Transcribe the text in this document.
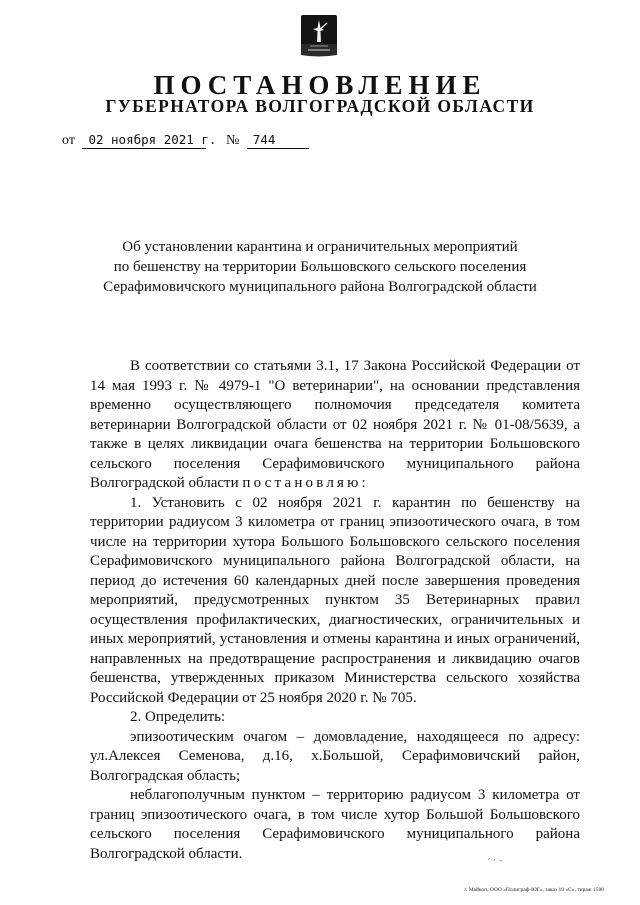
ПОСТАНОВЛЕНИЕ
ГУБЕРНАТОРА ВОЛГОГРАДСКОЙ ОБЛАСТИ
от 02 ноября 2021 г. № 744
Об установлении карантина и ограничительных мероприятий
по бешенству на территории Большовского сельского поселения
Серафимовичского муниципального района Волгоградской области

В соответствии со статьями 3.1, 17 Закона Российской Федерации от 14 мая 1993 г. № 4979-1 "О ветеринарии", на основании представления временно осуществляющего полномочия председателя комитета ветеринарии Волгоградской области от 02 ноября 2021 г. № 01-08/5639, а также в целях ликвидации очага бешенства на территории Большовского сельского поселения Серафимовичского муниципального района Волгоградской области постановляю:

1. Установить с 02 ноября 2021 г. карантин по бешенству на территории радиусом 3 километра от границ эпизоотического очага, в том числе на территории хутора Большого Большовского сельского поселения Серафимовичского муниципального района Волгоградской области, на период до истечения 60 календарных дней после завершения проведения мероприятий, предусмотренных пунктом 35 Ветеринарных правил осуществления профилактических, диагностических, ограничительных и иных мероприятий, установления и отмены карантина и иных ограничений, направленных на предотвращение распространения и ликвидацию очагов бешенства, утвержденных приказом Министерства сельского хозяйства Российской Федерации от 25 ноября 2020 г. № 705.

2. Определить:

эпизоотическим очагом – домовладение, находящееся по адресу: ул.Алексея Семенова, д.16, х.Большой, Серафимовичский район, Волгоградская область;

неблагополучным пунктом – территорию радиусом 3 километра от границ эпизоотического очага, в том числе хутор Большой Большовского сельского поселения Серафимовичского муниципального района Волгоградской области.

г. Майкоп, ООО «Полиграф-ЮГ», заказ 10 «С», тираж 1500
